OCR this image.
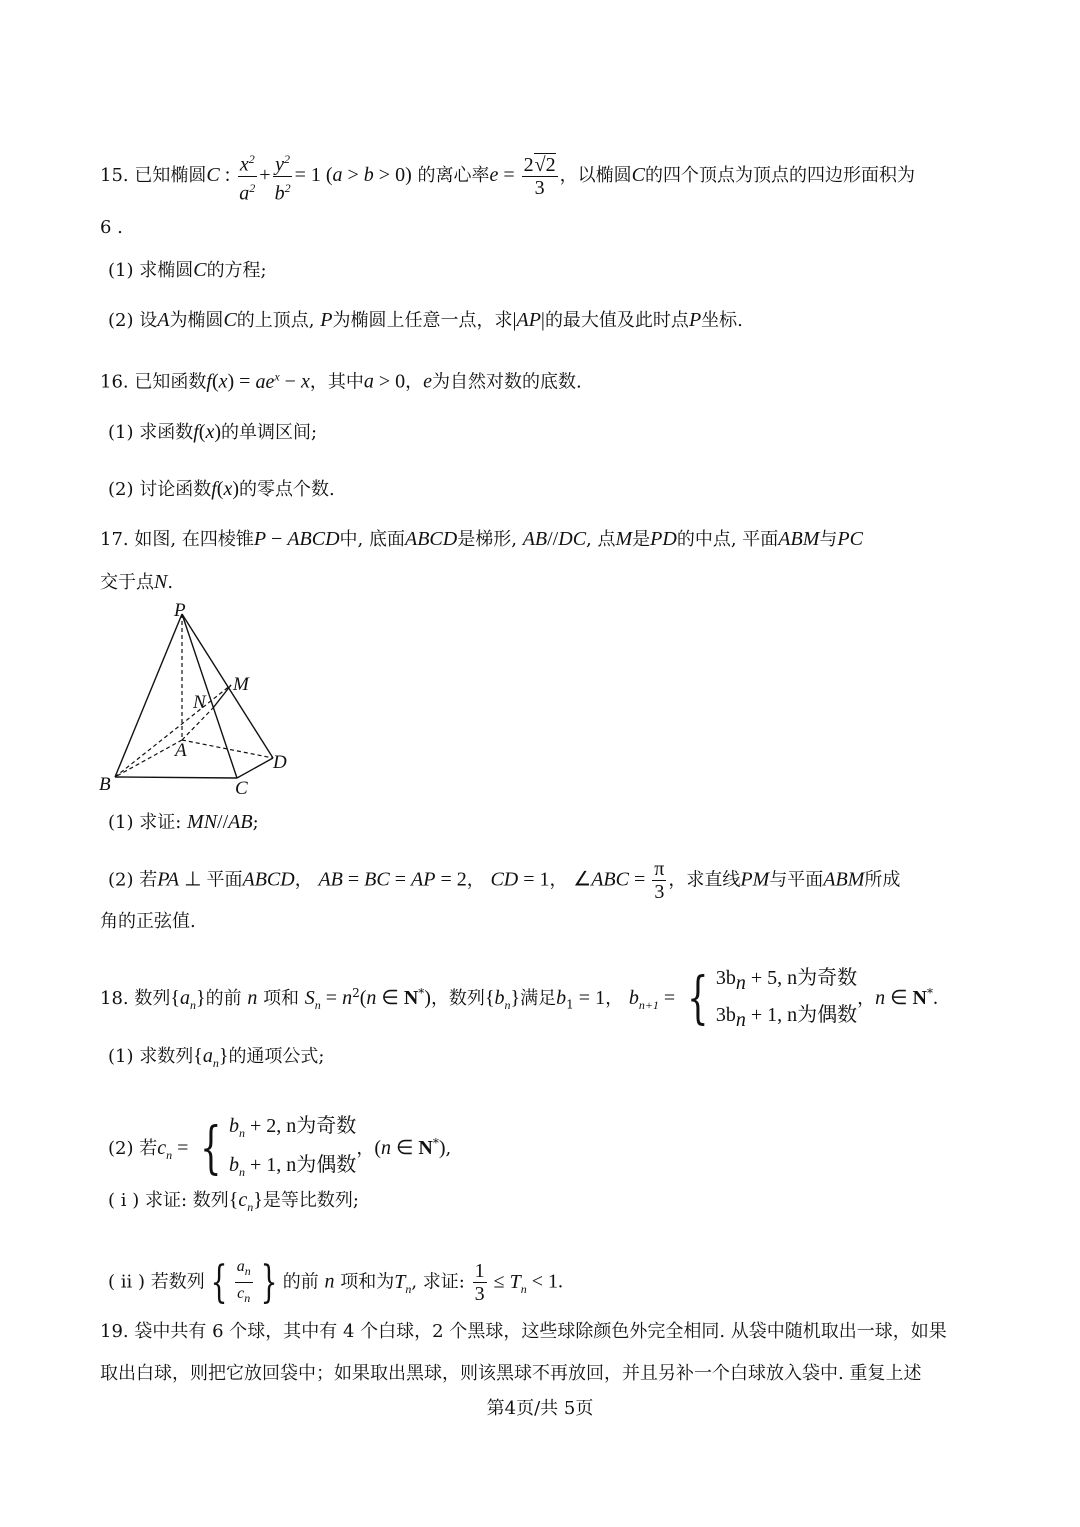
15. 已知椭圆C : $\frac{x^2}{a^2} + \frac{y^2}{b^2} = 1$ (a > b > 0) 的离心率$e = \frac{2√2}{3}$ ，以椭圆C的四个顶点为顶点的四边形面积为
6 .
(1) 求椭圆C的方程;
(2) 设A为椭圆C的上顶点, P为椭圆上任意一点，求|AP|的最大值及此时点P坐标.
16. 已知函数$f(x) = ae^x - x$，其中a > 0，e为自然对数的底数.
(1) 求函数f(x)的单调区间;
(2) 讨论函数f(x)的零点个数.
17. 如图, 在四棱锥P − ABCD中, 底面ABCD是梯形, AB//DC, 点M是PD的中点, 平面ABM与PC
交于点N.
P
M
N
A
B	C
D
(1) 求证: MN//AB;
(2) 若PA ⊥ 平面ABCD， AB = BC = AP = 2， CD = 1， ∠ABC = $\frac{\pi}{3}$ ，求直线PM与平面ABM所成
角的正弦值.
18. 数列$\{a_n\}$的前 n 项和 $S_n = n^2(n$ ∈ N*)，数列$\{b_n\}$满足$b_1 = 1$， $b_{n+1}$ = { $3b_n + 5$, n为奇数
$3b_n + 1$, n为偶数
，n ∈ N*.
(1) 求数列$\{a_n\}$的通项公式;
(2) 若$c_n$ = { $b_n + 2$, n为奇数
$b_n + 1$, n为偶数
，(n ∈ N*),
( i ) 求证: 数列$\{c_n\}$是等比数列;
( ii ) 若数列 { $\frac{a_n}{c_n}$ } 的前 n 项和为$T_n$, 求证: $\frac{1}{3} \le T_n < 1$.
19. 袋中共有 6 个球，其中有 4 个白球，2 个黑球，这些球除颜色外完全相同. 从袋中随机取出一球，如果
取出白球，则把它放回袋中；如果取出黑球，则该黑球不再放回，并且另补一个白球放入袋中. 重复上述
第4页/共 5页
